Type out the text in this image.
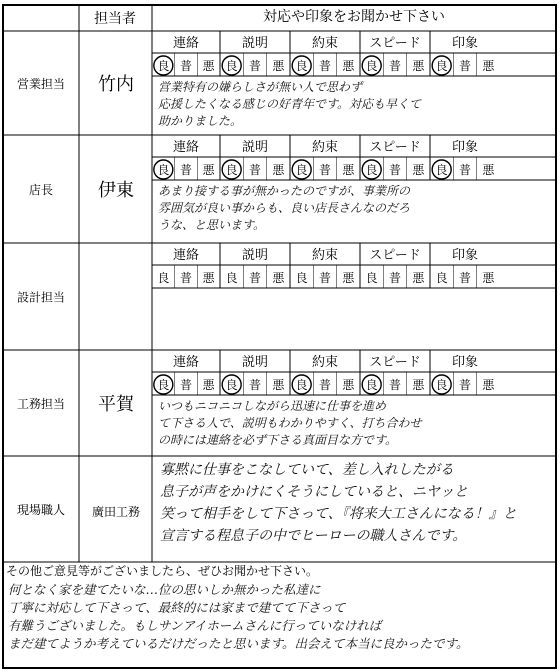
担当者	対応や印象をお聞かせ下さい
営業担当 竹内
連絡
良 普 悪
説明
良 普 悪
約束
良 普 悪
スピード
良 普 悪
印象
良 普 悪
営業特有の嫌らしさが無い人で思わず
応援したくなる感じの好青年です。対応も早くて
助かりました。
店長 伊東
連絡
良 普 悪
説明
良 普 悪
約束
良 普 悪
スピード
良 普 悪
印象
良 普 悪
あまり接する事が無かったのですが、事業所の
雰囲気が良い事からも、良い店長さんなのだろ
うな、と思います。
設計担当
連絡
良 普 悪
説明
良 普 悪
約束
良 普 悪
スピード
良 普 悪
印象
良 普 悪
工務担当 平賀
連絡
良 普 悪
説明
良 普 悪
約束
良 普 悪
スピード
良 普 悪
印象
良 普 悪
いつもニコニコしながら迅速に仕事を進め
て下さる人で、説明もわかりやすく、打ち合わせ
の時には連絡を必ず下さる真面目な方です。
現場職人 廣田工務
寡黙に仕事をこなしていて、差し入れしたがる
息子が声をかけにくそうにしていると、ニヤッと
笑って相手をして下さって、『将来大工さんになる！』と
宣言する程息子の中でヒーローの職人さんです。
その他ご意見等がございましたら、ぜひお聞かせ下さい。
何となく家を建てたいな…位の思いしか無かった私達に
丁寧に対応して下さって、最終的には家まで建てて下さって
有難うございました。もしサンアイホームさんに行っていなければ
まだ建てようか考えているだけだったと思います。出会えて本当に良かったです。
